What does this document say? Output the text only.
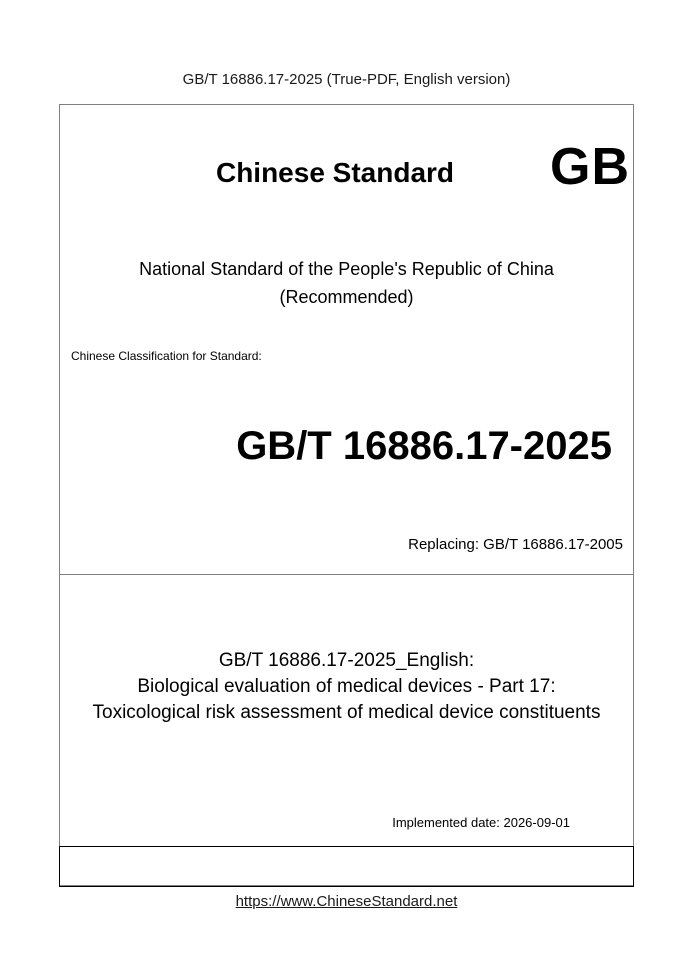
GB/T 16886.17-2025 (True-PDF, English version)
Chinese Standard	GB
National Standard of the People's Republic of China
(Recommended)
Chinese Classification for Standard:
GB/T 16886.17-2025
Replacing: GB/T 16886.17-2005
GB/T 16886.17-2025_English:
Biological evaluation of medical devices - Part 17:
Toxicological risk assessment of medical device constituents
Implemented date: 2026-09-01
https://www.ChineseStandard.net
